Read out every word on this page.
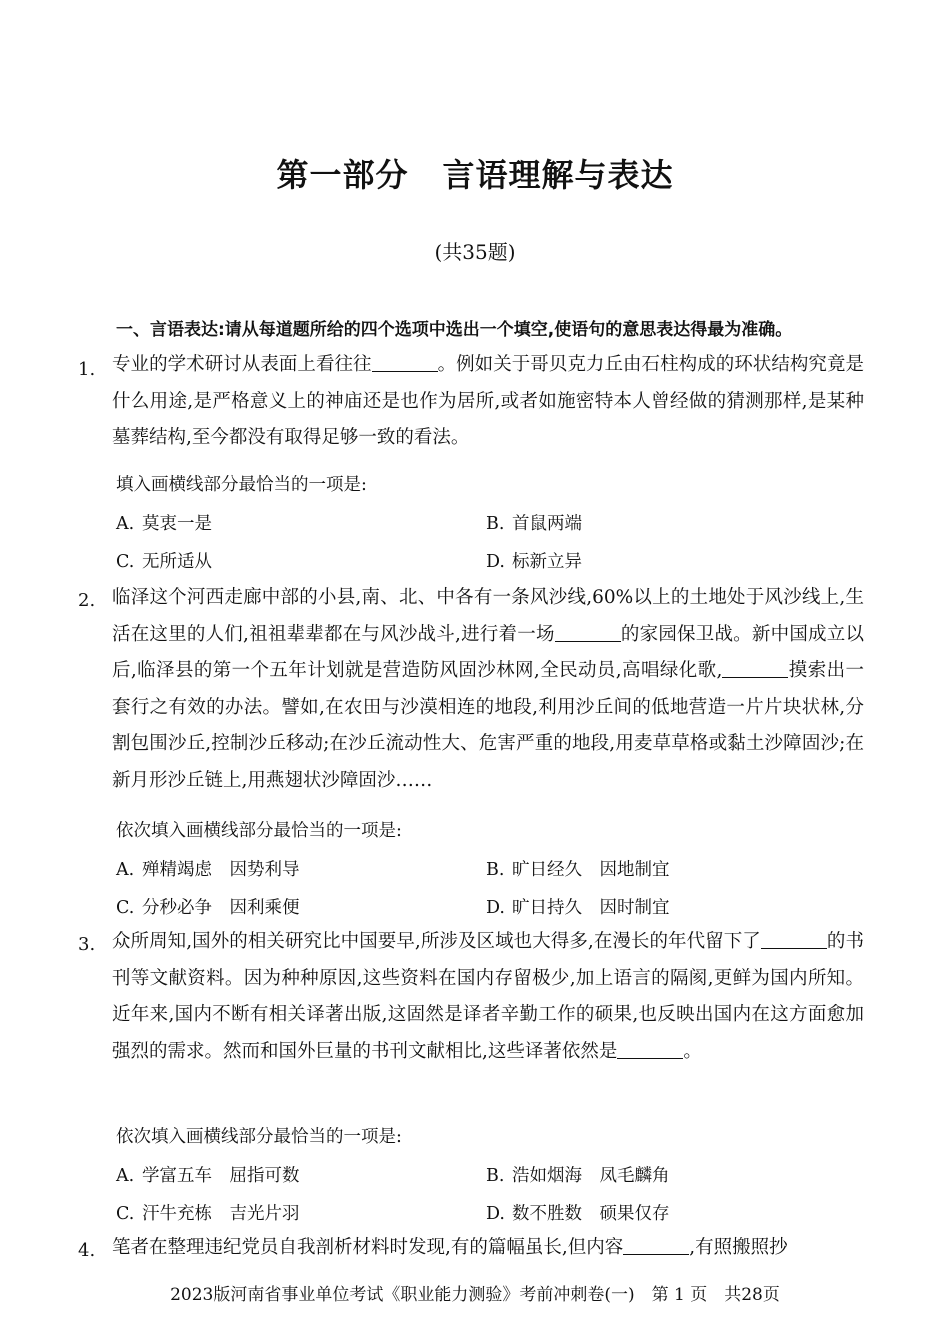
第一部分 言语理解与表达
(共35题)
一、言语表达:请从每道题所给的四个选项中选出一个填空,使语句的意思表达得最为准确。
1. 专业的学术研讨从表面上看往往	。例如关于哥贝克力丘由石柱构成的环状结构究竟是什么用途,是严格意义上的神庙还是也作为居所,或者如施密特本人曾经做的猜测那样,是某种墓葬结构,至今都没有取得足够一致的看法。
填入画横线部分最恰当的一项是:
A. 莫衷一是	B. 首鼠两端
C. 无所适从	D. 标新立异
2. 临泽这个河西走廊中部的小县,南、北、中各有一条风沙线,60%以上的土地处于风沙线上,生活在这里的人们,祖祖辈辈都在与风沙战斗,进行着一场	的家园保卫战。新中国成立以后,临泽县的第一个五年计划就是营造防风固沙林网,全民动员,高唱绿化歌,	摸索出一套行之有效的办法。譬如,在农田与沙漠相连的地段,利用沙丘间的低地营造一片片块状林,分割包围沙丘,控制沙丘移动;在沙丘流动性大、危害严重的地段,用麦草草格或黏土沙障固沙;在新月形沙丘链上,用燕翅状沙障固沙……
依次填入画横线部分最恰当的一项是:
A. 殚精竭虑　因势利导	B. 旷日经久　因地制宜
C. 分秒必争　因利乘便	D. 旷日持久　因时制宜
3. 众所周知,国外的相关研究比中国要早,所涉及区域也大得多,在漫长的年代留下了	的书刊等文献资料。因为种种原因,这些资料在国内存留极少,加上语言的隔阂,更鲜为国内所知。近年来,国内不断有相关译著出版,这固然是译者辛勤工作的硕果,也反映出国内在这方面愈加强烈的需求。然而和国外巨量的书刊文献相比,这些译著依然是	。
依次填入画横线部分最恰当的一项是:
A. 学富五车　屈指可数	B. 浩如烟海　凤毛麟角
C. 汗牛充栋　吉光片羽	D. 数不胜数　硕果仅存
4. 笔者在整理违纪党员自我剖析材料时发现,有的篇幅虽长,但内容	,有照搬照抄
2023版河南省事业单位考试《职业能力测验》考前冲刺卷(一)　第 1 页　共28页
